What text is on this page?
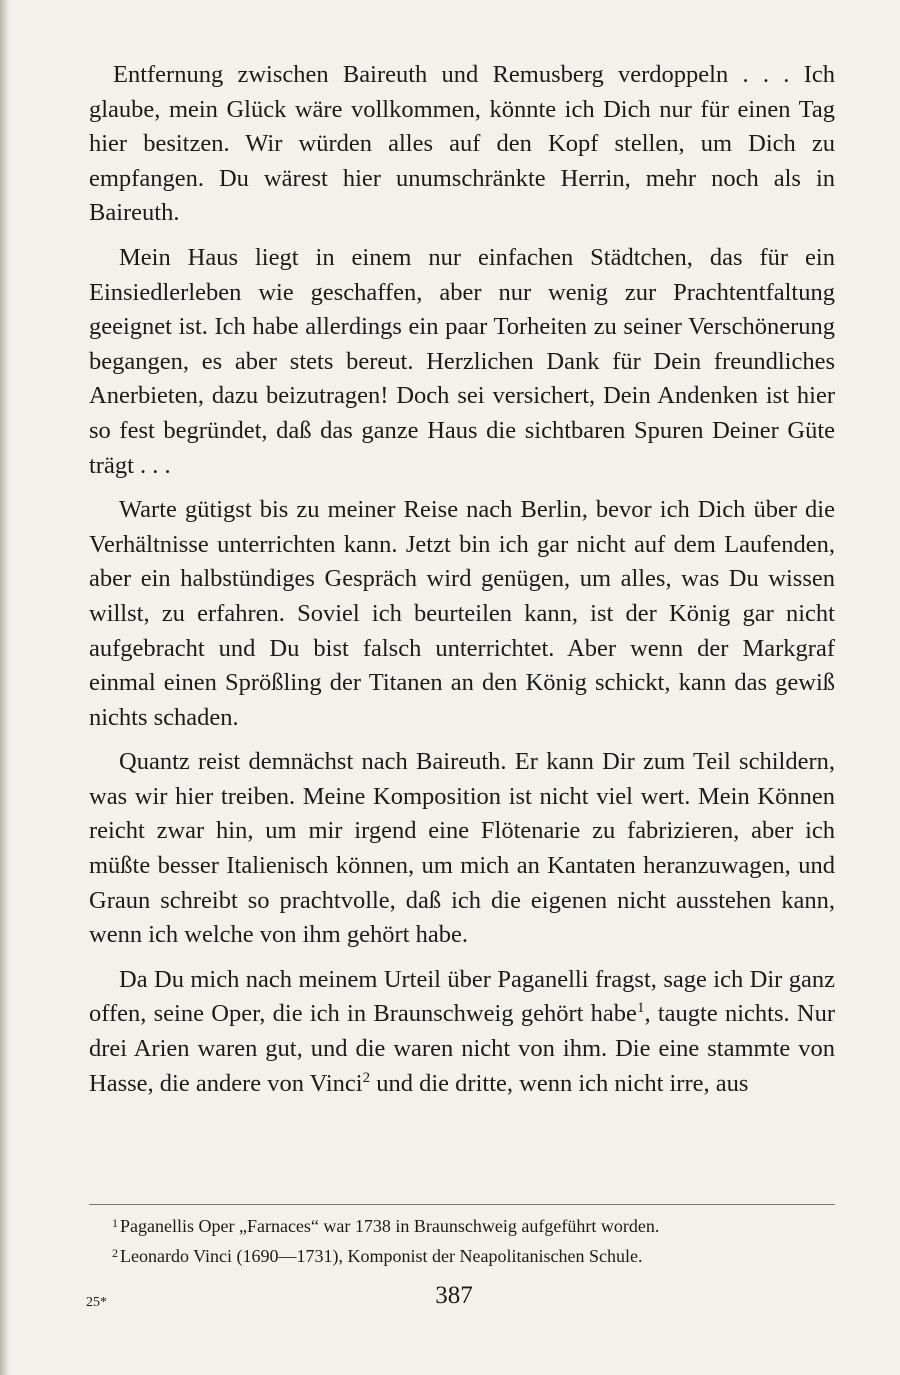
Entfernung zwischen Baireuth und Remusberg verdoppeln . . . Ich glaube, mein Glück wäre vollkommen, könnte ich Dich nur für einen Tag hier besitzen. Wir würden alles auf den Kopf stellen, um Dich zu empfangen. Du wärest hier unumschränkte Herrin, mehr noch als in Baireuth.

Mein Haus liegt in einem nur einfachen Städtchen, das für ein Einsiedlerleben wie geschaffen, aber nur wenig zur Prachtentfaltung geeignet ist. Ich habe allerdings ein paar Torheiten zu seiner Verschönerung begangen, es aber stets bereut. Herzlichen Dank für Dein freundliches Anerbieten, dazu beizutragen! Doch sei versichert, Dein Andenken ist hier so fest begründet, daß das ganze Haus die sichtbaren Spuren Deiner Güte trägt . . .

Warte gütigst bis zu meiner Reise nach Berlin, bevor ich Dich über die Verhältnisse unterrichten kann. Jetzt bin ich gar nicht auf dem Laufenden, aber ein halbstündiges Gespräch wird genügen, um alles, was Du wissen willst, zu erfahren. Soviel ich beurteilen kann, ist der König gar nicht aufgebracht und Du bist falsch unterrichtet. Aber wenn der Markgraf einmal einen Sprößling der Titanen an den König schickt, kann das gewiß nichts schaden.

Quantz reist demnächst nach Baireuth. Er kann Dir zum Teil schildern, was wir hier treiben. Meine Komposition ist nicht viel wert. Mein Können reicht zwar hin, um mir irgend eine Flötenarie zu fabrizieren, aber ich müßte besser Italienisch können, um mich an Kantaten heranzuwagen, und Graun schreibt so prachtvolle, daß ich die eigenen nicht ausstehen kann, wenn ich welche von ihm gehört habe.

Da Du mich nach meinem Urteil über Paganelli fragst, sage ich Dir ganz offen, seine Oper, die ich in Braunschweig gehört habe$^1$, taugte nichts. Nur drei Arien waren gut, und die waren nicht von ihm. Die eine stammte von Hasse, die andere von Vinci$^2$ und die dritte, wenn ich nicht irre, aus

$^1$ Paganellis Oper „Farnaces“ war 1738 in Braunschweig aufgeführt worden.

$^2$ Leonardo Vinci (1690—1731), Komponist der Neapolitanischen Schule.

25*	387
